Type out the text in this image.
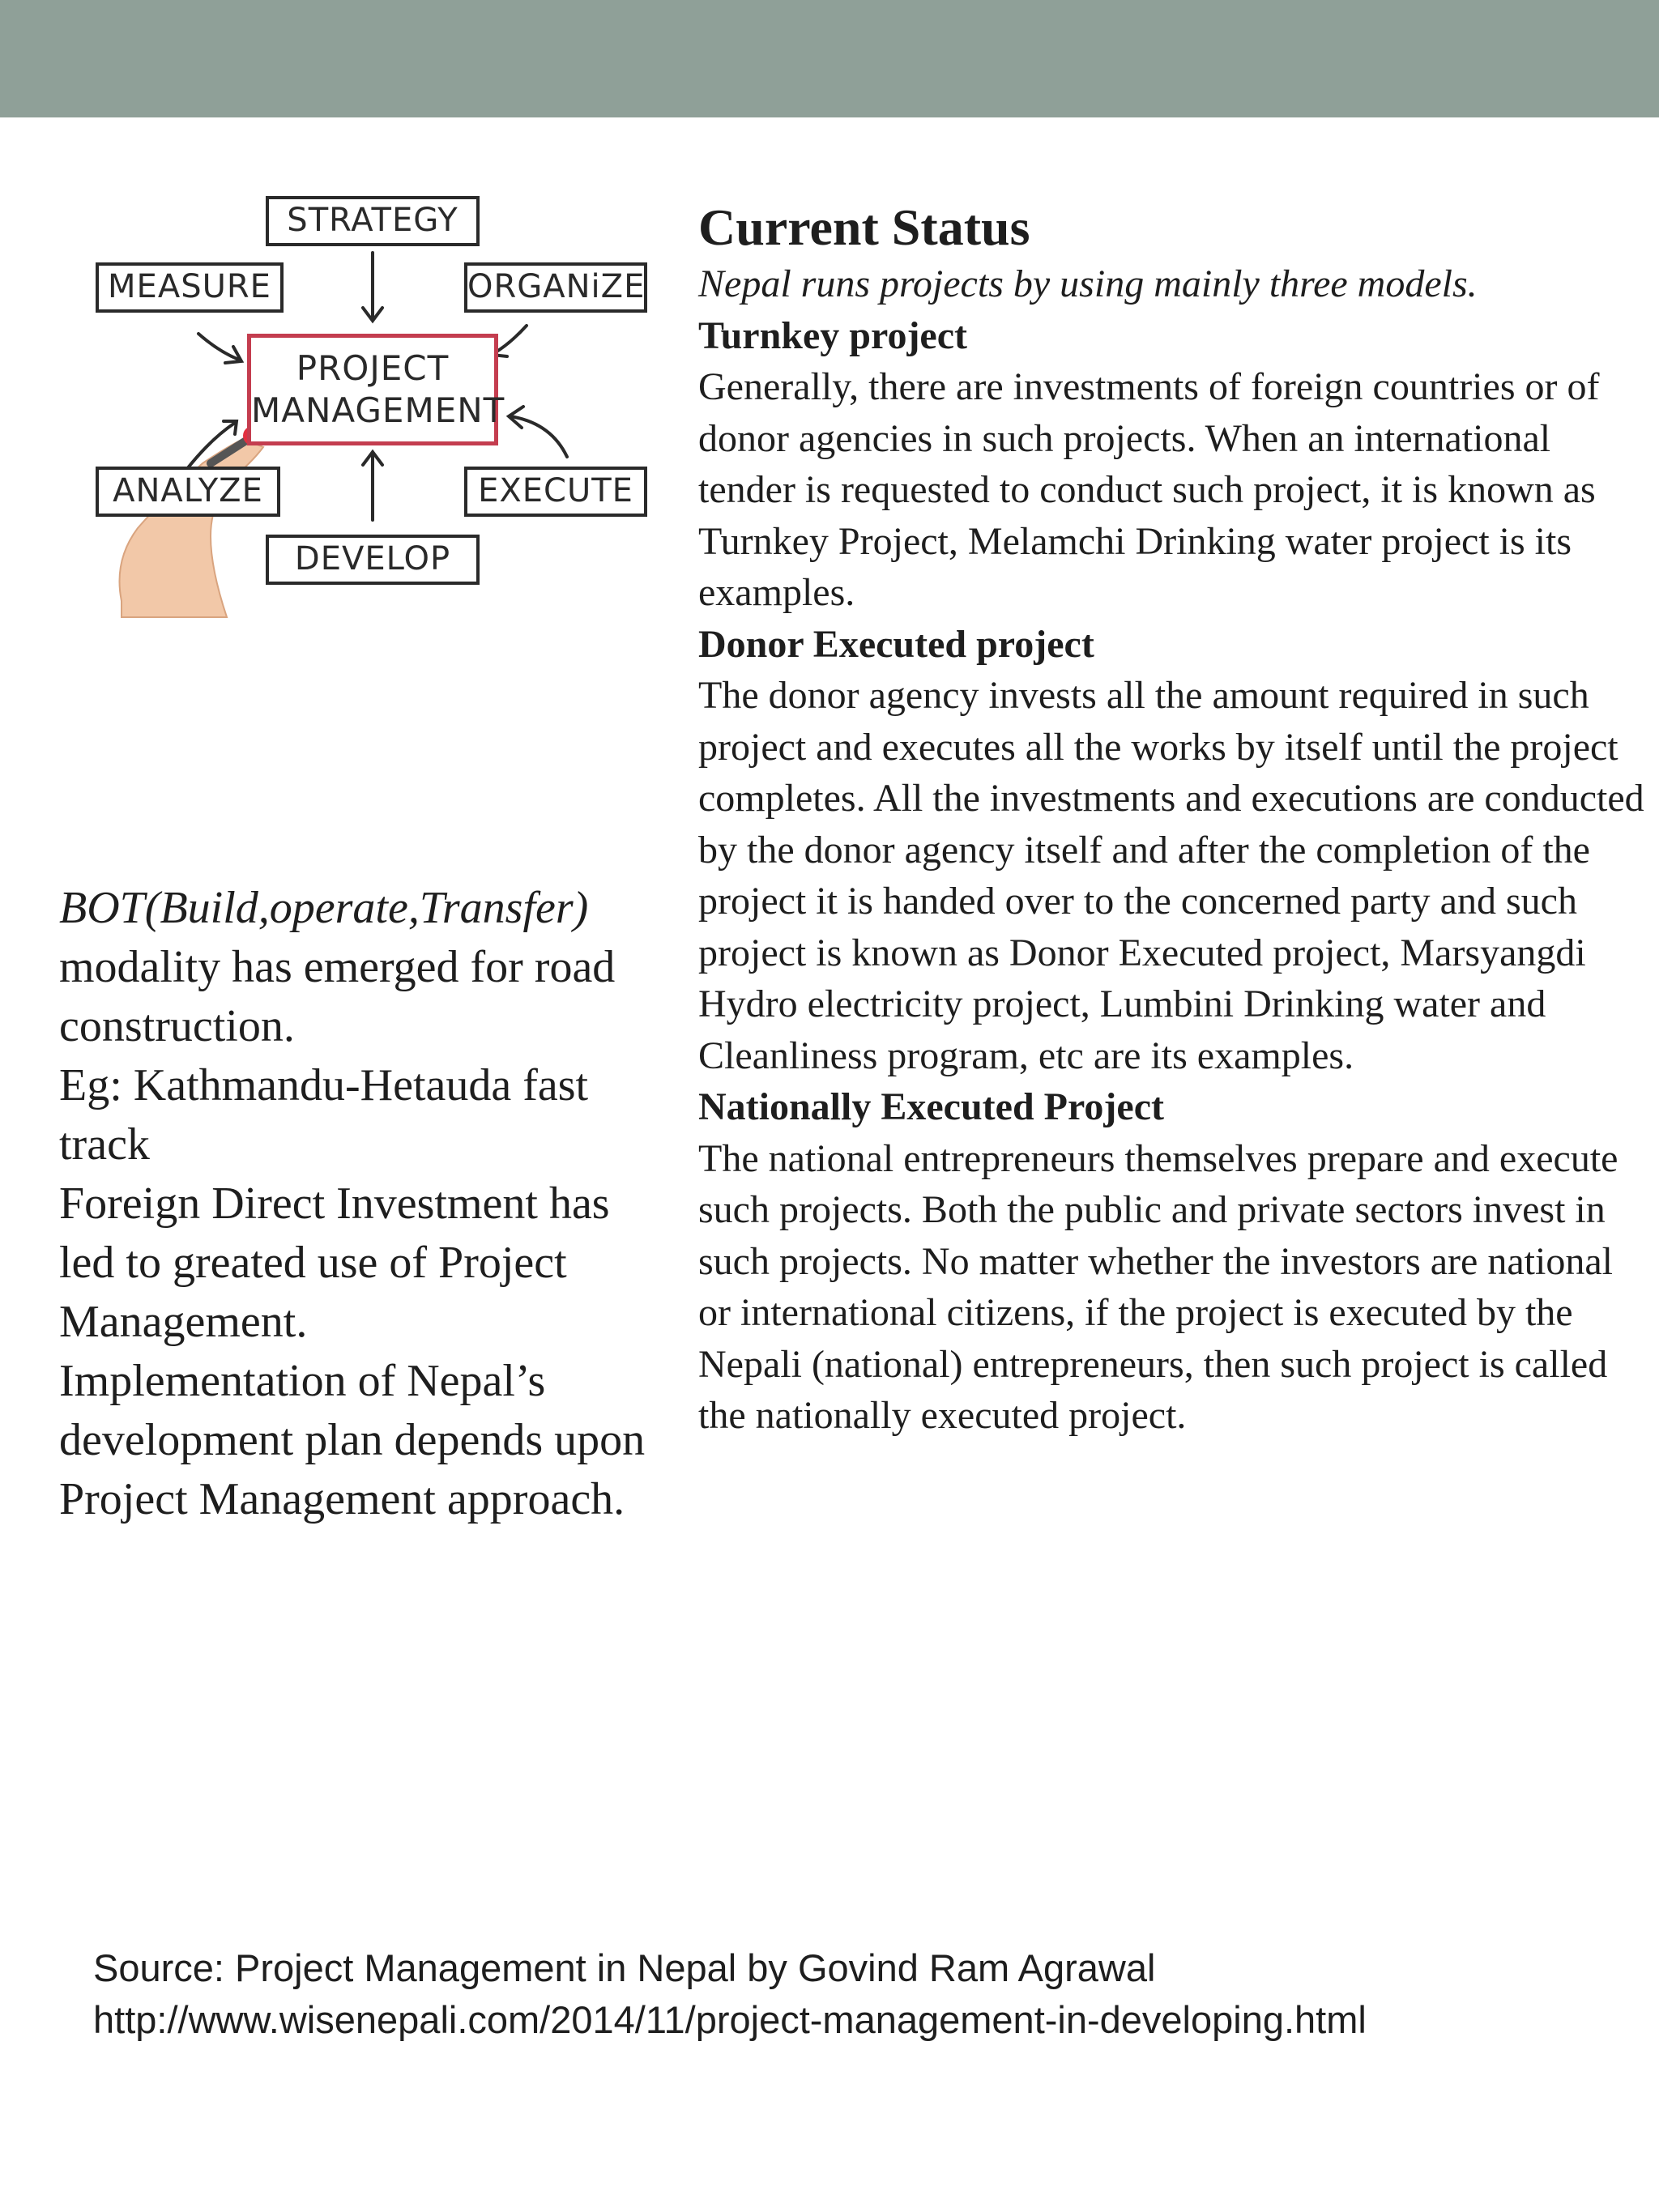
STRATEGY
MEASURE	ORGANiZE
PROJECT
MANAGEMENT
ANALYZE	EXECUTE
DEVELOP

BOT(Build,operate,Transfer)

modality has emerged for road construction.

Eg: Kathmandu-Hetauda fast track

Foreign Direct Investment has led to greated use of Project Management.

Implementation of Nepal’s development plan depends upon Project Management approach.

Current Status

Nepal runs projects by using mainly three models.

Turnkey project

Generally, there are investments of foreign countries or of donor agencies in such projects. When an international tender is requested to conduct such project, it is known as Turnkey Project, Melamchi Drinking water project is its examples.

Donor Executed project

The donor agency invests all the amount required in such project and executes all the works by itself until the project completes. All the investments and executions are conducted by the donor agency itself and after the completion of the project it is handed over to the concerned party and such project is known as Donor Executed project, Marsyangdi Hydro electricity project, Lumbini Drinking water and Cleanliness program, etc are its examples.

Nationally Executed Project

The national entrepreneurs themselves prepare and execute such projects. Both the public and private sectors invest in such projects. No matter whether the investors are national or international citizens, if the project is executed by the Nepali (national) entrepreneurs, then such project is called the nationally executed project.

Source: Project Management in Nepal by Govind Ram Agrawal

http://www.wisenepali.com/2014/11/project-management-in-developing.html
